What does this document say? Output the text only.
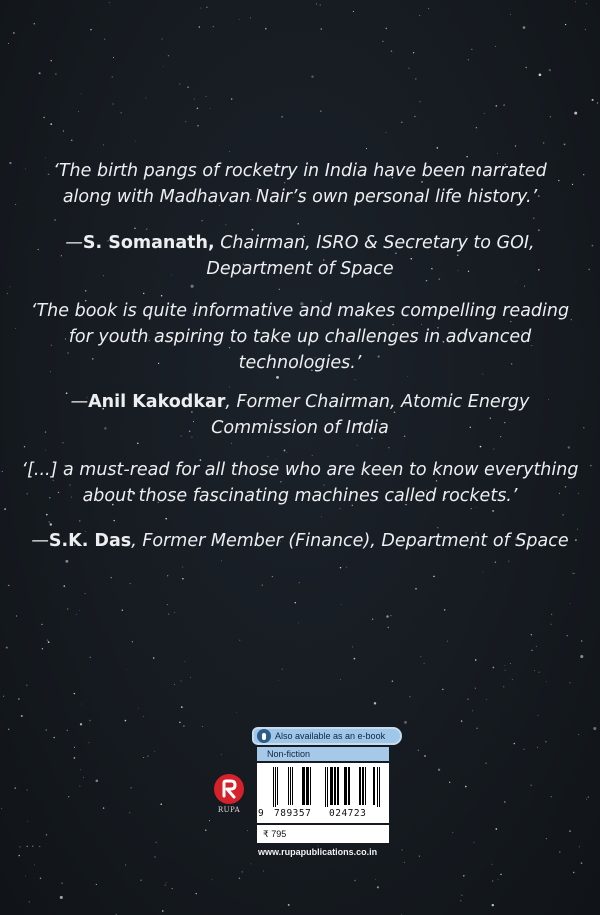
‘The birth pangs of rocketry in India have been narrated
along with Madhavan Nair’s own personal life history.’

—S. Somanath, Chairman, ISRO & Secretary to GOI,
Department of Space

‘The book is quite informative and makes compelling reading
for youth aspiring to take up challenges in advanced
technologies.’

—Anil Kakodkar, Former Chairman, Atomic Energy
Commission of India

‘[...] a must-read for all those who are keen to know everything
about those fascinating machines called rockets.’

—S.K. Das, Former Member (Finance), Department of Space

RUPA
Also available as an e-book
Non-fiction
9 789357 024723
₹ 795
www.rupapublications.co.in
